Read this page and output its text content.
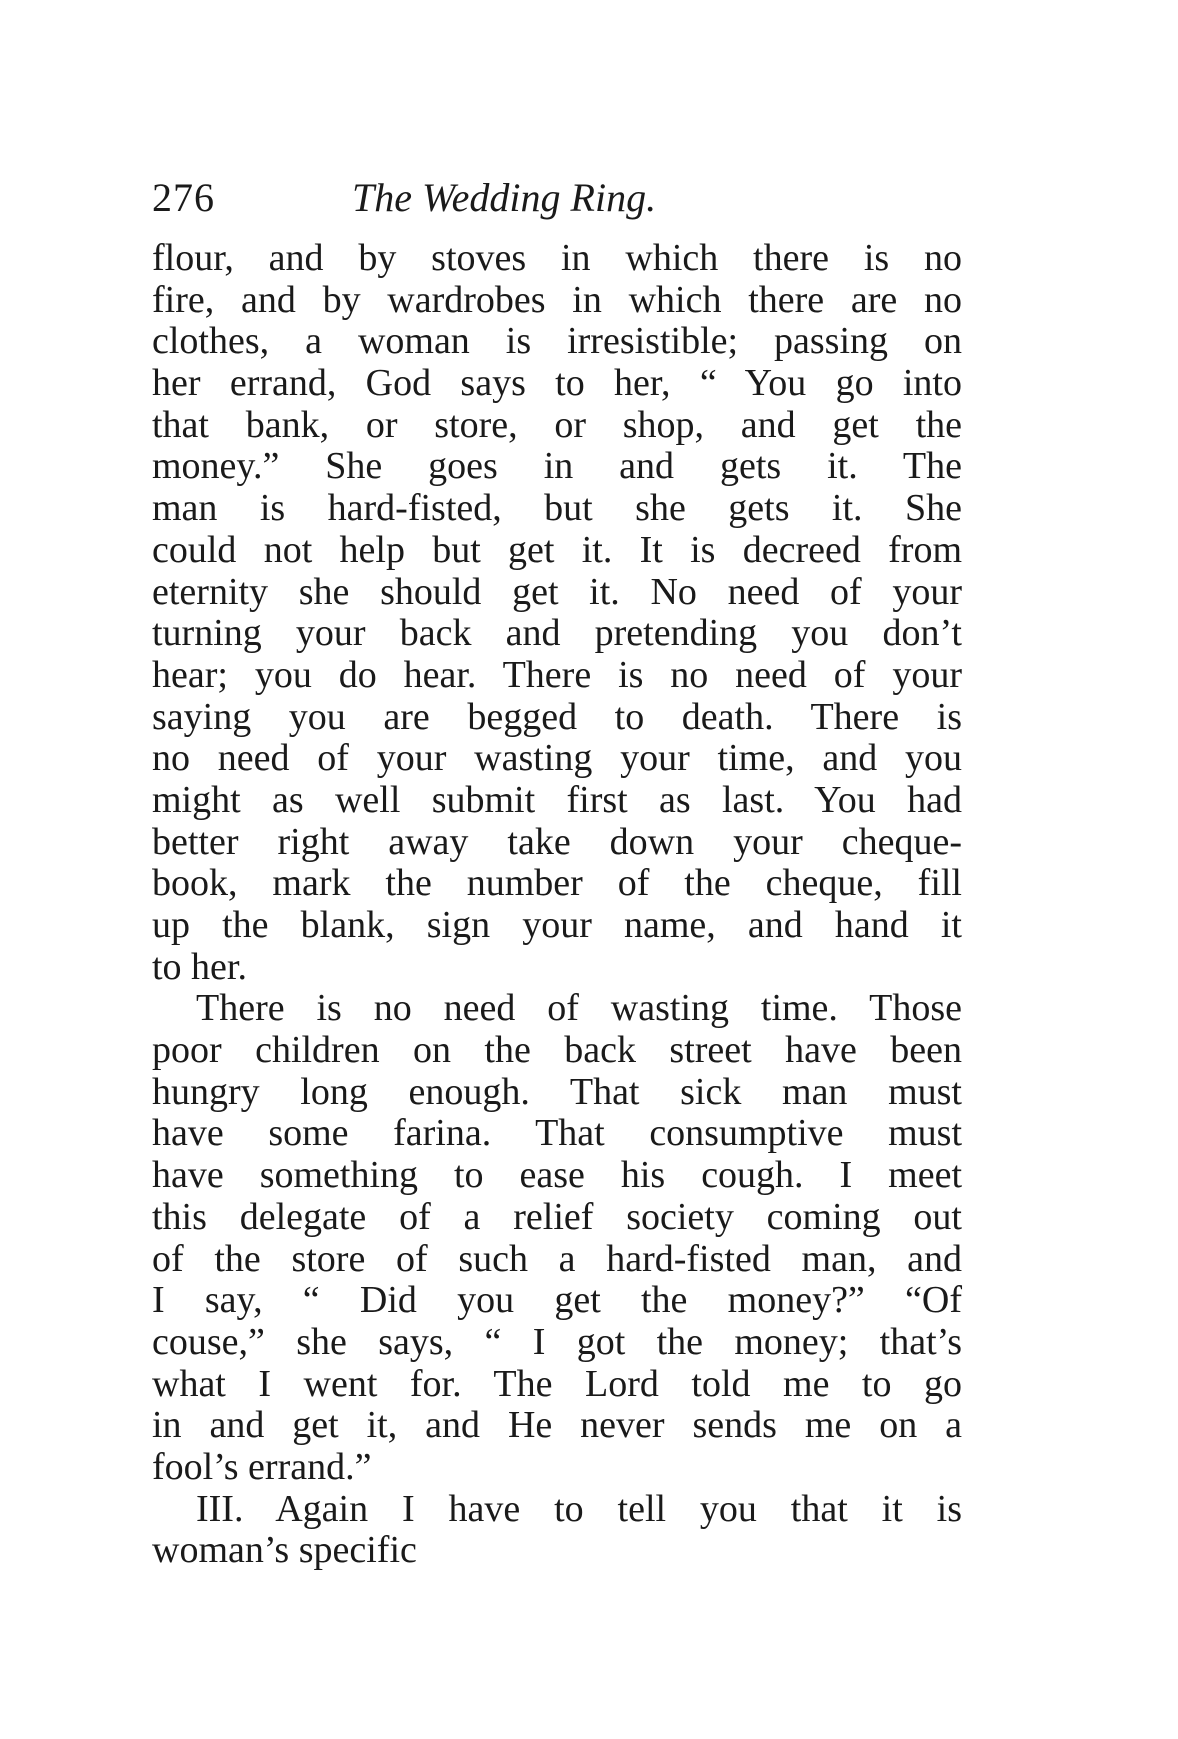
276	The Wedding Ring.
flour, and by stoves in which there is no
fire, and by wardrobes in which there are no
clothes, a woman is irresistible; passing on
her errand, God says to her, “ You go into
that bank, or store, or shop, and get the
money.” She goes in and gets it. The
man is hard-fisted, but she gets it. She
could not help but get it. It is decreed from
eternity she should get it. No need of your
turning your back and pretending you don’t
hear; you do hear. There is no need of your
saying you are begged to death. There is
no need of your wasting your time, and you
might as well submit first as last. You had
better right away take down your cheque-
book, mark the number of the cheque, fill
up the blank, sign your name, and hand it
to her.
There is no need of wasting time. Those
poor children on the back street have been
hungry long enough. That sick man must
have some farina. That consumptive must
have something to ease his cough. I meet
this delegate of a relief society coming out
of the store of such a hard-fisted man, and
I say, “ Did you get the money?” “Of
couse,” she says, “ I got the money; that’s
what I went for. The Lord told me to go
in and get it, and He never sends me on a
fool’s errand.”
III. Again I have to tell you that it is
woman’s specific
